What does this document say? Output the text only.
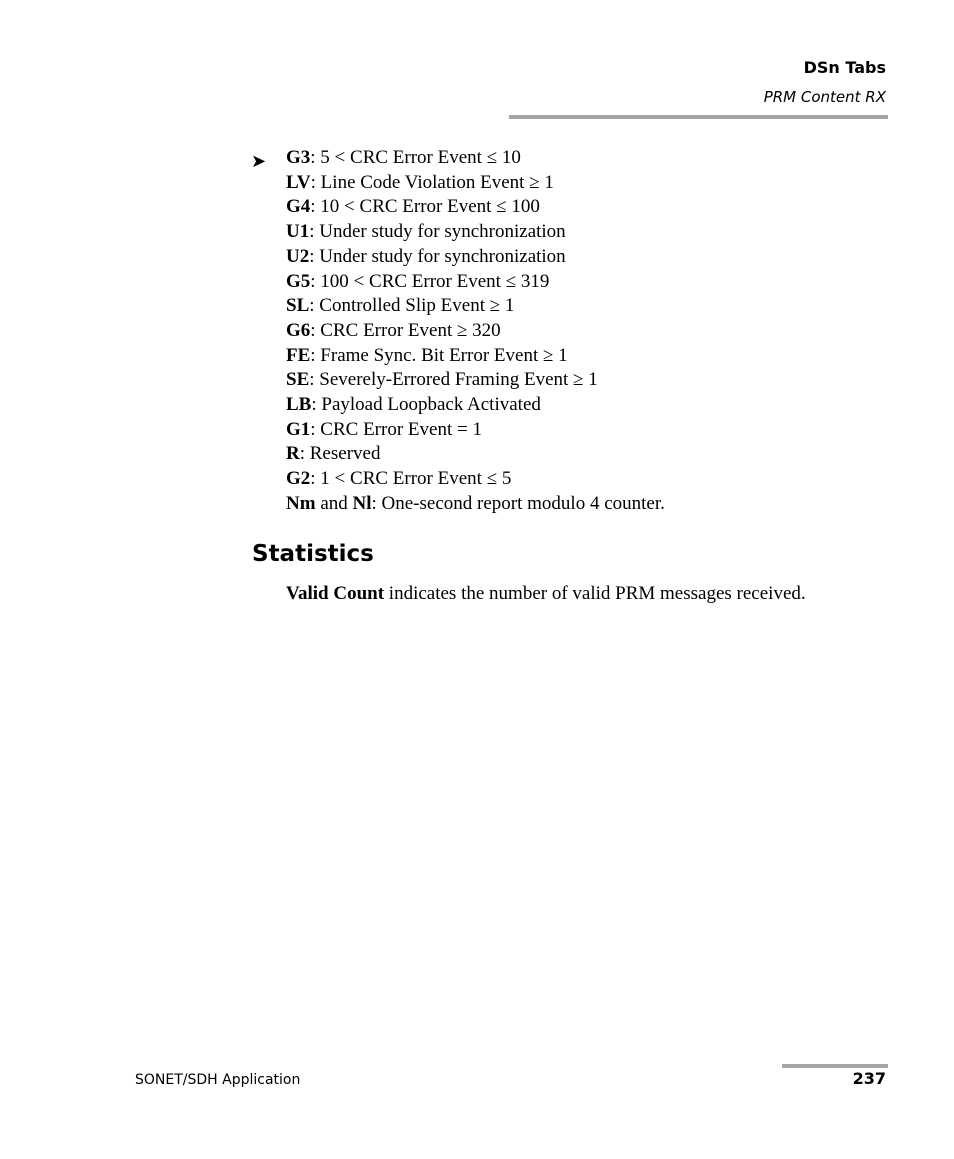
DSn Tabs
PRM Content RX
➤ G3: 5 < CRC Error Event ≤ 10
LV: Line Code Violation Event ≥ 1
G4: 10 < CRC Error Event ≤ 100
U1: Under study for synchronization
U2: Under study for synchronization
G5: 100 < CRC Error Event ≤ 319
SL: Controlled Slip Event ≥ 1
G6: CRC Error Event ≥ 320
FE: Frame Sync. Bit Error Event ≥ 1
SE: Severely-Errored Framing Event ≥ 1
LB: Payload Loopback Activated
G1: CRC Error Event = 1
R: Reserved
G2: 1 < CRC Error Event ≤ 5
Nm and Nl: One-second report modulo 4 counter.
Statistics

Valid Count indicates the number of valid PRM messages received.

SONET/SDH Application	237
